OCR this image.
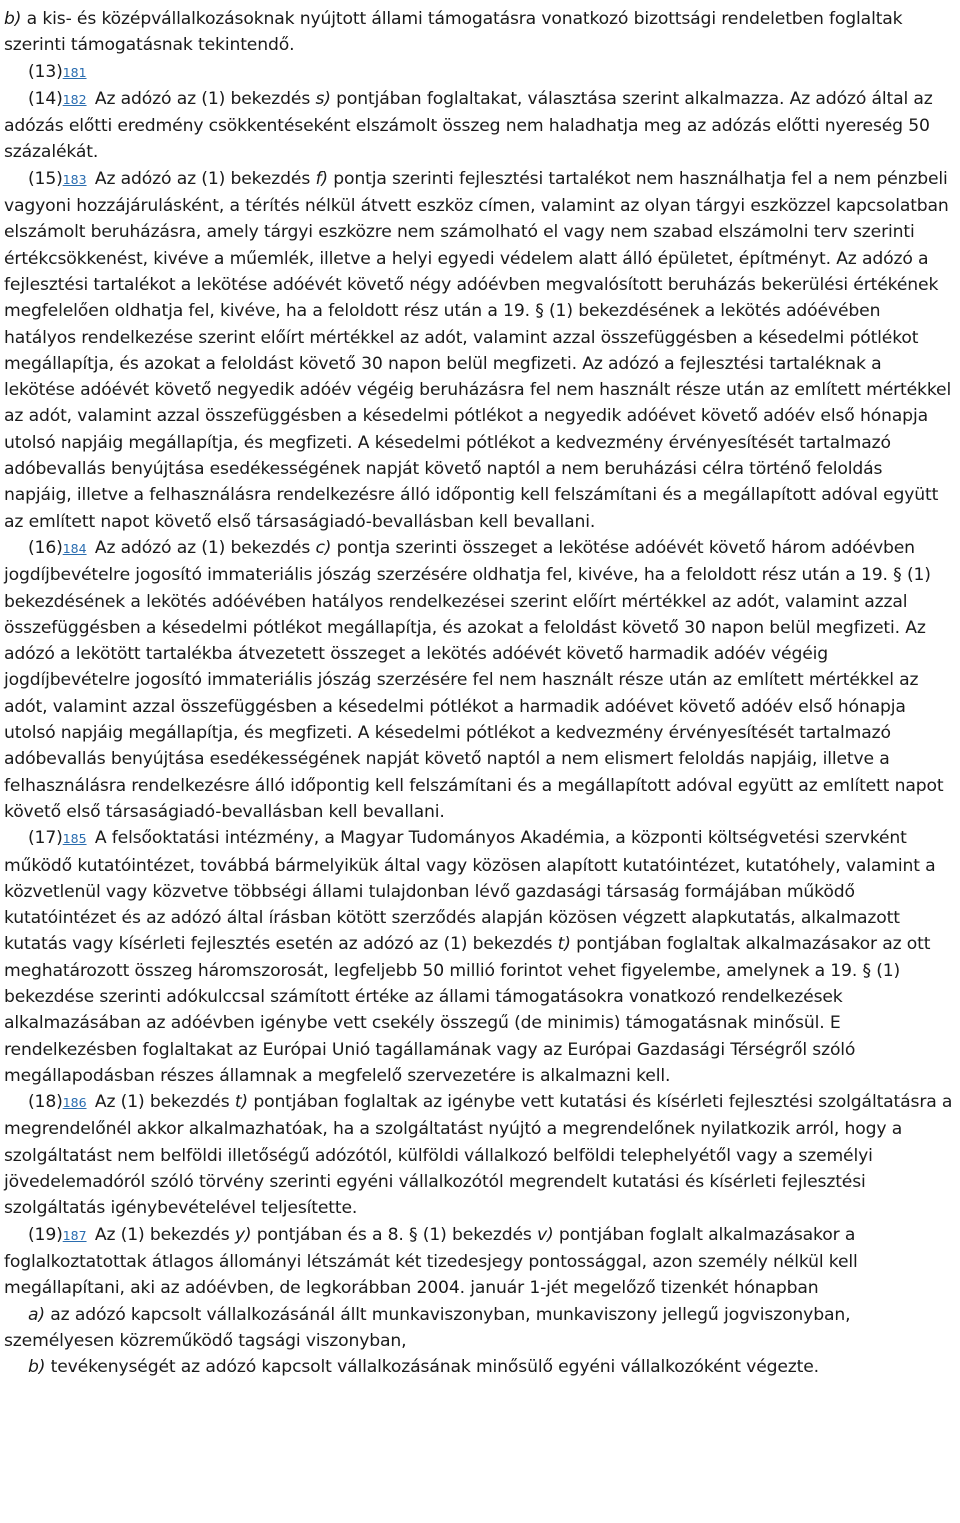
b) a kis- és középvállalkozásoknak nyújtott állami támogatásra vonatkozó bizottsági rendeletben foglaltak szerinti támogatásnak tekintendő.

(13)181

(14)182 Az adózó az (1) bekezdés s) pontjában foglaltakat, választása szerint alkalmazza. Az adózó által az adózás előtti eredmény csökkentéseként elszámolt összeg nem haladhatja meg az adózás előtti nyereség 50 százalékát.

(15)183 Az adózó az (1) bekezdés f) pontja szerinti fejlesztési tartalékot nem használhatja fel a nem pénzbeli vagyoni hozzájárulásként, a térítés nélkül átvett eszköz címen, valamint az olyan tárgyi eszközzel kapcsolatban elszámolt beruházásra, amely tárgyi eszközre nem számolható el vagy nem szabad elszámolni terv szerinti értékcsökkenést, kivéve a műemlék, illetve a helyi egyedi védelem alatt álló épületet, építményt. Az adózó a fejlesztési tartalékot a lekötése adóévét követő négy adóévben megvalósított beruházás bekerülési értékének megfelelően oldhatja fel, kivéve, ha a feloldott rész után a 19. § (1) bekezdésének a lekötés adóévében hatályos rendelkezése szerint előírt mértékkel az adót, valamint azzal összefüggésben a késedelmi pótlékot megállapítja, és azokat a feloldást követő 30 napon belül megfizeti. Az adózó a fejlesztési tartaléknak a lekötése adóévét követő negyedik adóév végéig beruházásra fel nem használt része után az említett mértékkel az adót, valamint azzal összefüggésben a késedelmi pótlékot a negyedik adóévet követő adóév első hónapja utolsó napjáig megállapítja, és megfizeti. A késedelmi pótlékot a kedvezmény érvényesítését tartalmazó adóbevallás benyújtása esedékességének napját követő naptól a nem beruházási célra történő feloldás napjáig, illetve a felhasználásra rendelkezésre álló időpontig kell felszámítani és a megállapított adóval együtt az említett napot követő első társaságiadó-bevallásban kell bevallani.

(16)184 Az adózó az (1) bekezdés c) pontja szerinti összeget a lekötése adóévét követő három adóévben jogdíjbevételre jogosító immateriális jószág szerzésére oldhatja fel, kivéve, ha a feloldott rész után a 19. § (1) bekezdésének a lekötés adóévében hatályos rendelkezései szerint előírt mértékkel az adót, valamint azzal összefüggésben a késedelmi pótlékot megállapítja, és azokat a feloldást követő 30 napon belül megfizeti. Az adózó a lekötött tartalékba átvezetett összeget a lekötés adóévét követő harmadik adóév végéig jogdíjbevételre jogosító immateriális jószág szerzésére fel nem használt része után az említett mértékkel az adót, valamint azzal összefüggésben a késedelmi pótlékot a harmadik adóévet követő adóév első hónapja utolsó napjáig megállapítja, és megfizeti. A késedelmi pótlékot a kedvezmény érvényesítését tartalmazó adóbevallás benyújtása esedékességének napját követő naptól a nem elismert feloldás napjáig, illetve a felhasználásra rendelkezésre álló időpontig kell felszámítani és a megállapított adóval együtt az említett napot követő első társaságiadó-bevallásban kell bevallani.

(17)185 A felsőoktatási intézmény, a Magyar Tudományos Akadémia, a központi költségvetési szervként működő kutatóintézet, továbbá bármelyikük által vagy közösen alapított kutatóintézet, kutatóhely, valamint a közvetlenül vagy közvetve többségi állami tulajdonban lévő gazdasági társaság formájában működő kutatóintézet és az adózó által írásban kötött szerződés alapján közösen végzett alapkutatás, alkalmazott kutatás vagy kísérleti fejlesztés esetén az adózó az (1) bekezdés t) pontjában foglaltak alkalmazásakor az ott meghatározott összeg háromszorosát, legfeljebb 50 millió forintot vehet figyelembe, amelynek a 19. § (1) bekezdése szerinti adókulccsal számított értéke az állami támogatásokra vonatkozó rendelkezések alkalmazásában az adóévben igénybe vett csekély összegű (de minimis) támogatásnak minősül. E rendelkezésben foglaltakat az Európai Unió tagállamának vagy az Európai Gazdasági Térségről szóló megállapodásban részes államnak a megfelelő szervezetére is alkalmazni kell.

(18)186 Az (1) bekezdés t) pontjában foglaltak az igénybe vett kutatási és kísérleti fejlesztési szolgáltatásra a megrendelőnél akkor alkalmazhatóak, ha a szolgáltatást nyújtó a megrendelőnek nyilatkozik arról, hogy a szolgáltatást nem belföldi illetőségű adózótól, külföldi vállalkozó belföldi telephelyétől vagy a személyi jövedelemadóról szóló törvény szerinti egyéni vállalkozótól megrendelt kutatási és kísérleti fejlesztési szolgáltatás igénybevételével teljesítette.

(19)187 Az (1) bekezdés y) pontjában és a 8. § (1) bekezdés v) pontjában foglalt alkalmazásakor a foglalkoztatottak átlagos állományi létszámát két tizedesjegy pontossággal, azon személy nélkül kell megállapítani, aki az adóévben, de legkorábban 2004. január 1-jét megelőző tizenkét hónapban

a) az adózó kapcsolt vállalkozásánál állt munkaviszonyban, munkaviszony jellegű jogviszonyban, személyesen közreműködő tagsági viszonyban,

b) tevékenységét az adózó kapcsolt vállalkozásának minősülő egyéni vállalkozóként végezte.
